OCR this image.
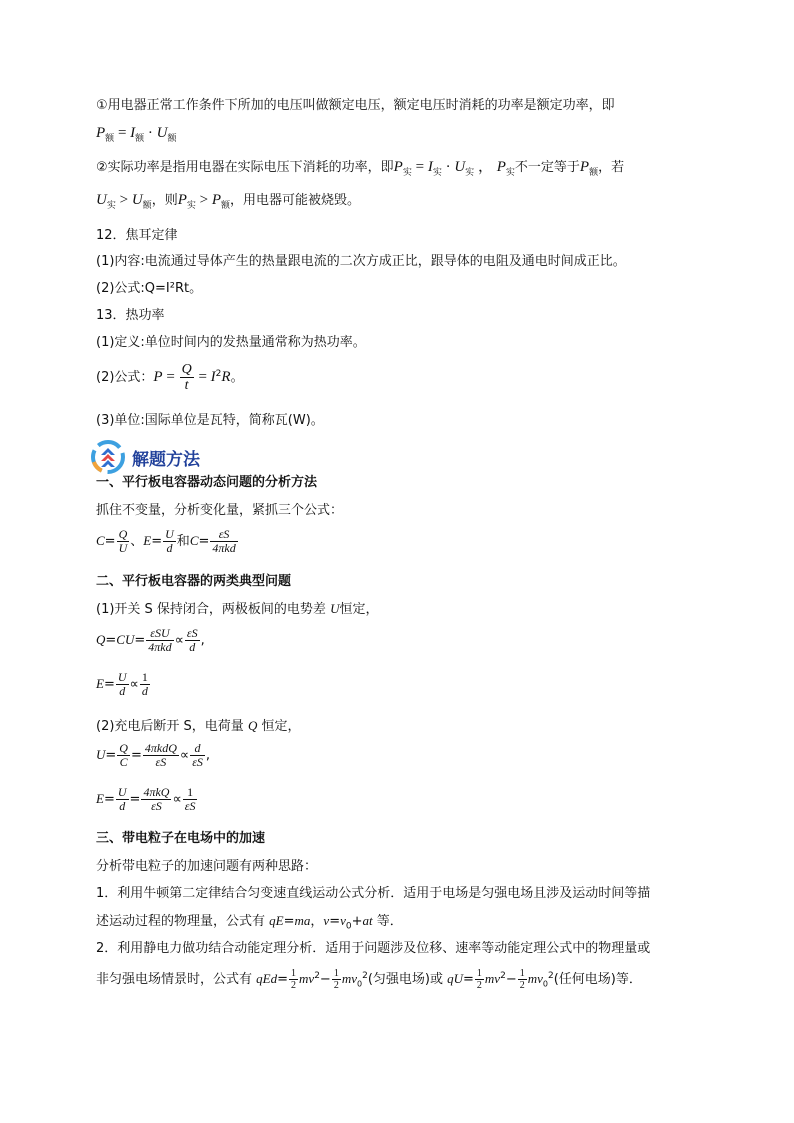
①用电器正常工作条件下所加的电压叫做额定电压，额定电压时消耗的功率是额定功率，即
$P_额 = I_额 \cdot U_额$
②实际功率是指用电器在实际电压下消耗的功率，即$P_实 = I_实 \cdot U_实$ ， $P_实$不一定等于$P_额$，若
$U_实 > U_额$，则$P_实 > P_额$，用电器可能被烧毁。
12．焦耳定律
(1)内容:电流通过导体产生的热量跟电流的二次方成正比，跟导体的电阻及通电时间成正比。
(2)公式:Q=I²Rt。
13．热功率
(1)定义:单位时间内的发热量通常称为热功率。
(2)公式：$P = \frac{Q}{t} = I^2R$。
(3)单位:国际单位是瓦特，简称瓦(W)。
解题方法
一、平行板电容器动态问题的分析方法
抓住不变量，分析变化量，紧抓三个公式：
$C= \frac{Q}{U}$ 、$E= \frac{U}{d}$ 和$C= \frac{\varepsilon S}{\text{4πkd}}$
二、平行板电容器的两类典型问题
(1)开关 S 保持闭合，两极板间的电势差 U恒定，
$Q=CU= \frac{\text{εSU}}{\text{4πkd}} \propto \frac{\varepsilon S}{d}$ ,
$E= \frac{U}{d} \propto \frac{1}{d}$
(2)充电后断开 S，电荷量 Q 恒定，
$U= \frac{Q}{C} = \frac{\text{4πkdQ}}{\varepsilon S} \propto \frac{d}{\varepsilon S}$ ,
$E= \frac{U}{d} = \frac{\text{4πkQ}}{\varepsilon S} \propto \frac{1}{\varepsilon S}$
三、带电粒子在电场中的加速
分析带电粒子的加速问题有两种思路：
1．利用牛顿第二定律结合匀变速直线运动公式分析．适用于电场是匀强电场且涉及运动时间等描
述运动过程的物理量，公式有 qE=ma，$v=v_0+at$ 等．
2．利用静电力做功结合动能定理分析．适用于问题涉及位移、速率等动能定理公式中的物理量或
非匀强电场情景时，公式有 $qEd= \frac{1}{2} mv^2- \frac{1}{2} mv_0^2$(匀强电场)或 $qU= \frac{1}{2} mv^2- \frac{1}{2} mv_0^2$(任何电场)等．
